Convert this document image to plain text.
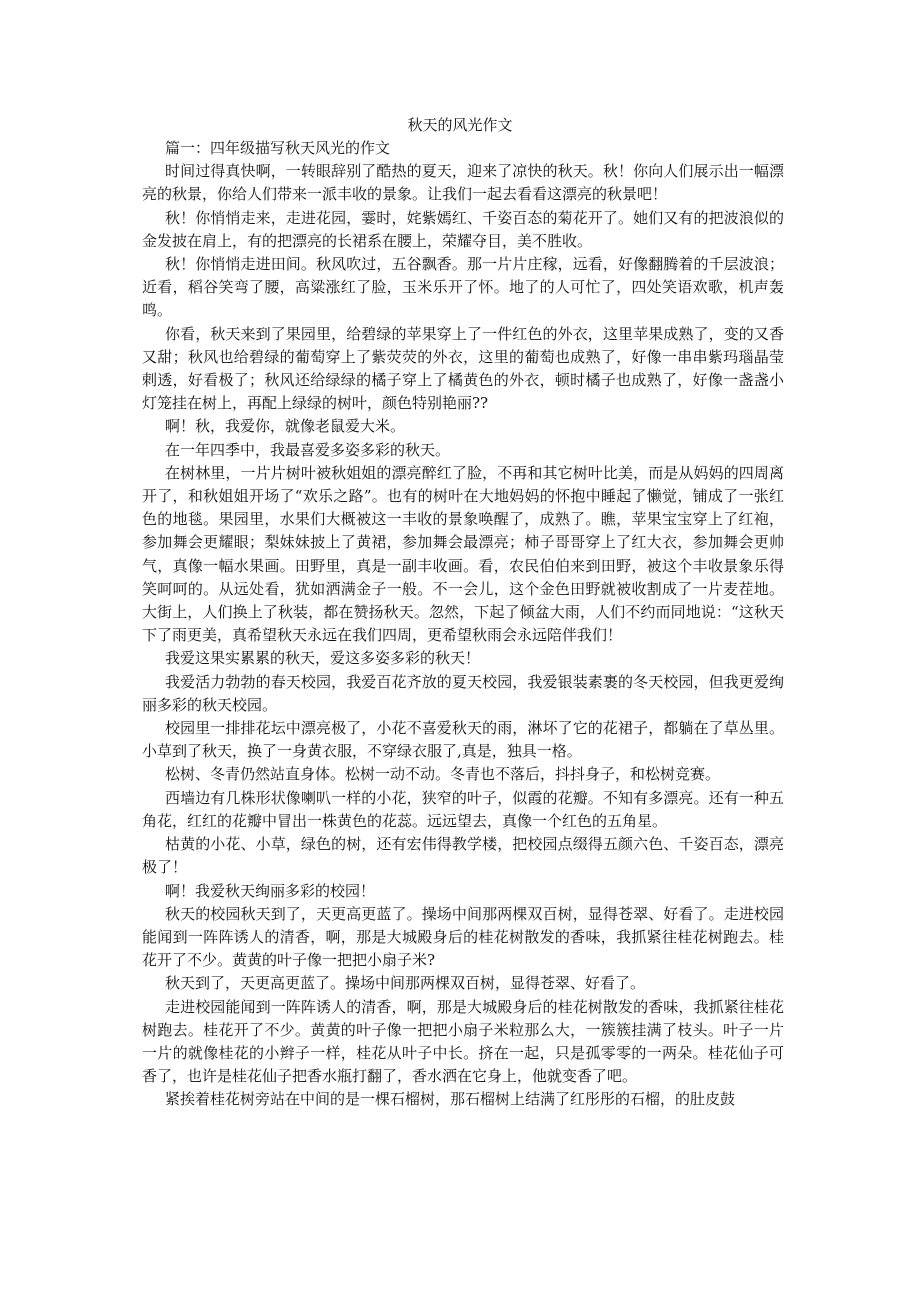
秋天的风光作文

篇一：四年级描写秋天风光的作文

时间过得真快啊，一转眼辞别了酷热的夏天，迎来了凉快的秋天。秋！你向人们展示出一幅漂亮的秋景，你给人们带来一派丰收的景象。让我们一起去看看这漂亮的秋景吧！

秋！你悄悄走来，走进花园，霎时，姹紫嫣红、千姿百态的菊花开了。她们又有的把波浪似的金发披在肩上，有的把漂亮的长裙系在腰上，荣耀夺目，美不胜收。

秋！你悄悄走进田间。秋风吹过，五谷飘香。那一片片庄稼，远看，好像翻腾着的千层波浪；近看，稻谷笑弯了腰，高粱涨红了脸，玉米乐开了怀。地了的人可忙了，四处笑语欢歌，机声轰鸣。

你看，秋天来到了果园里，给碧绿的苹果穿上了一件红色的外衣，这里苹果成熟了，变的又香又甜；秋风也给碧绿的葡萄穿上了紫荧荧的外衣，这里的葡萄也成熟了，好像一串串紫玛瑙晶莹剌透，好看极了；秋风还给绿绿的橘子穿上了橘黄色的外衣，顿时橘子也成熟了，好像一盏盏小灯笼挂在树上，再配上绿绿的树叶，颜色特别艳丽??

啊！秋，我爱你，就像老鼠爱大米。

在一年四季中，我最喜爱多姿多彩的秋天。

在树林里，一片片树叶被秋姐姐的漂亮醉红了脸，不再和其它树叶比美，而是从妈妈的四周离开了，和秋姐姐开场了“欢乐之路”。也有的树叶在大地妈妈的怀抱中睡起了懒觉，铺成了一张红色的地毯。果园里，水果们大概被这一丰收的景象唤醒了，成熟了。瞧，苹果宝宝穿上了红袍，参加舞会更耀眼；梨妹妹披上了黄裙，参加舞会最漂亮；柿子哥哥穿上了红大衣，参加舞会更帅气，真像一幅水果画。田野里，真是一副丰收画。看，农民伯伯来到田野，被这个丰收景象乐得笑呵呵的。从远处看，犹如洒满金子一般。不一会儿，这个金色田野就被收割成了一片麦茬地。大街上，人们换上了秋装，都在赞扬秋天。忽然，下起了倾盆大雨，人们不约而同地说：“这秋天下了雨更美，真希望秋天永远在我们四周，更希望秋雨会永远陪伴我们！

我爱这果实累累的秋天，爱这多姿多彩的秋天！

我爱活力勃勃的春天校园，我爱百花齐放的夏天校园，我爱银装素裹的冬天校园，但我更爱绚丽多彩的秋天校园。

校园里一排排花坛中漂亮极了，小花不喜爱秋天的雨，淋坏了它的花裙子，都躺在了草丛里。小草到了秋天，换了一身黄衣服，不穿绿衣服了,真是，独具一格。

松树、冬青仍然站直身体。松树一动不动。冬青也不落后，抖抖身子，和松树竞赛。

西墙边有几株形状像喇叭一样的小花，狭窄的叶子，似霞的花瓣。不知有多漂亮。还有一种五角花，红红的花瓣中冒出一株黄色的花蕊。远远望去，真像一个红色的五角星。

枯黄的小花、小草，绿色的树，还有宏伟得教学楼，把校园点缀得五颜六色、千姿百态，漂亮极了！

啊！我爱秋天绚丽多彩的校园！

秋天的校园秋天到了，天更高更蓝了。操场中间那两棵双百树，显得苍翠、好看了。走进校园能闻到一阵阵诱人的清香，啊，那是大城殿身后的桂花树散发的香味，我抓紧往桂花树跑去。桂花开了不少。黄黄的叶子像一把把小扇子米?

秋天到了，天更高更蓝了。操场中间那两棵双百树，显得苍翠、好看了。

走进校园能闻到一阵阵诱人的清香，啊，那是大城殿身后的桂花树散发的香味，我抓紧往桂花树跑去。桂花开了不少。黄黄的叶子像一把把小扇子米粒那么大，一簇簇挂满了枝头。叶子一片一片的就像桂花的小辫子一样，桂花从叶子中长。挤在一起，只是孤零零的一两朵。桂花仙子可香了，也许是桂花仙子把香水瓶打翻了，香水洒在它身上，他就变香了吧。

紧挨着桂花树旁站在中间的是一棵石榴树，那石榴树上结满了红彤彤的石榴，的肚皮鼓
